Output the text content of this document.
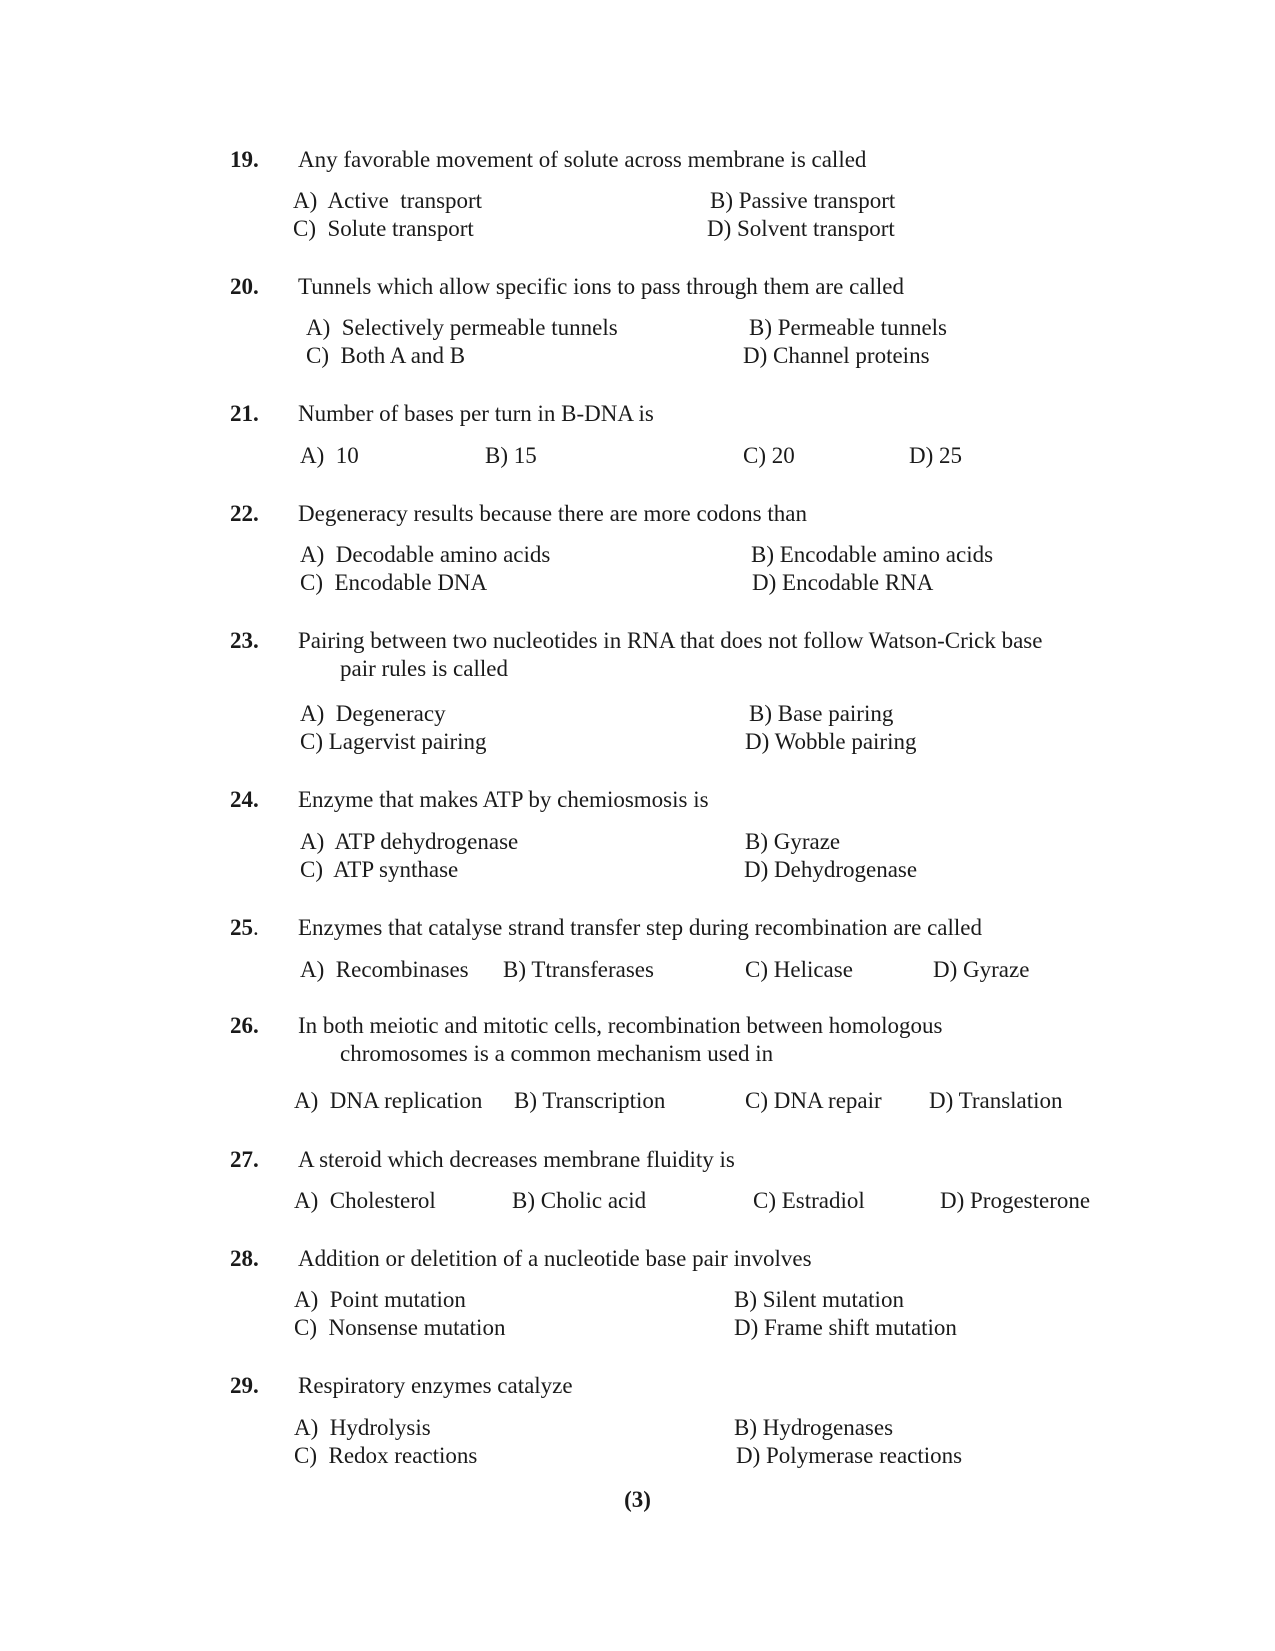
19. Any favorable movement of solute across membrane is called
A)  Active  transport	B) Passive transport
C)  Solute transport	D) Solvent transport
20. Tunnels which allow specific ions to pass through them are called
A)  Selectively permeable tunnels	B) Permeable tunnels
C)  Both A and B	D) Channel proteins
21. Number of bases per turn in B-DNA is
A)  10	B) 15	C) 20	D) 25
22. Degeneracy results because there are more codons than
A)  Decodable amino acids	B) Encodable amino acids
C)  Encodable DNA	D) Encodable RNA
23. Pairing between two nucleotides in RNA that does not follow Watson-Crick base
pair rules is called
A)  Degeneracy	B) Base pairing
C) Lagervist pairing	D) Wobble pairing
24. Enzyme that makes ATP by chemiosmosis is
A)  ATP dehydrogenase	B) Gyraze
C)  ATP synthase	D) Dehydrogenase
25. Enzymes that catalyse strand transfer step during recombination are called
A)  Recombinases B) Ttransferases	C) Helicase	D) Gyraze
26. In both meiotic and mitotic cells, recombination between homologous
chromosomes is a common mechanism used in
A)  DNA replication B) Transcription	C) DNA repair D) Translation
27. A steroid which decreases membrane fluidity is
A)  Cholesterol	B) Cholic acid	C) Estradiol	D) Progesterone
28. Addition or deletition of a nucleotide base pair involves
A)  Point mutation	B) Silent mutation
C)  Nonsense mutation	D) Frame shift mutation
29. Respiratory enzymes catalyze
A)  Hydrolysis	B) Hydrogenases
C)  Redox reactions	D) Polymerase reactions
(3)
